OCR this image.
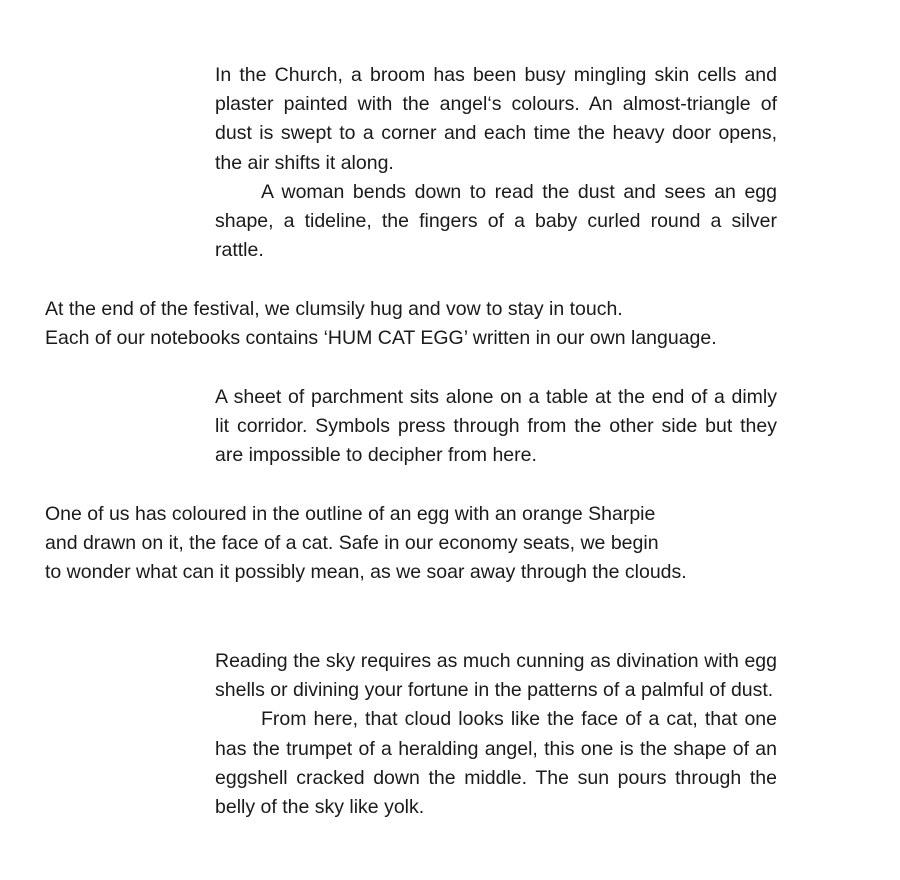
In the Church, a broom has been busy mingling skin cells and plaster painted with the angel‘s colours. An almost-triangle of dust is swept to a corner and each time the heavy door opens, the air shifts it along.

A woman bends down to read the dust and sees an egg shape, a tideline, the fingers of a baby curled round a silver rattle.

At the end of the festival, we clumsily hug and vow to stay in touch.

Each of our notebooks contains ‘HUM CAT EGG’ written in our own language.

A sheet of parchment sits alone on a table at the end of a dimly lit corridor. Symbols press through from the other side but they are impossible to decipher from here.

One of us has coloured in the outline of an egg with an orange Sharpie

and drawn on it, the face of a cat. Safe in our economy seats, we begin

to wonder what can it possibly mean, as we soar away through the clouds.

Reading the sky requires as much cunning as divination with egg shells or divining your fortune in the patterns of a palmful of dust.

From here, that cloud looks like the face of a cat, that one has the trumpet of a heralding angel, this one is the shape of an eggshell cracked down the middle. The sun pours through the belly of the sky like yolk.
